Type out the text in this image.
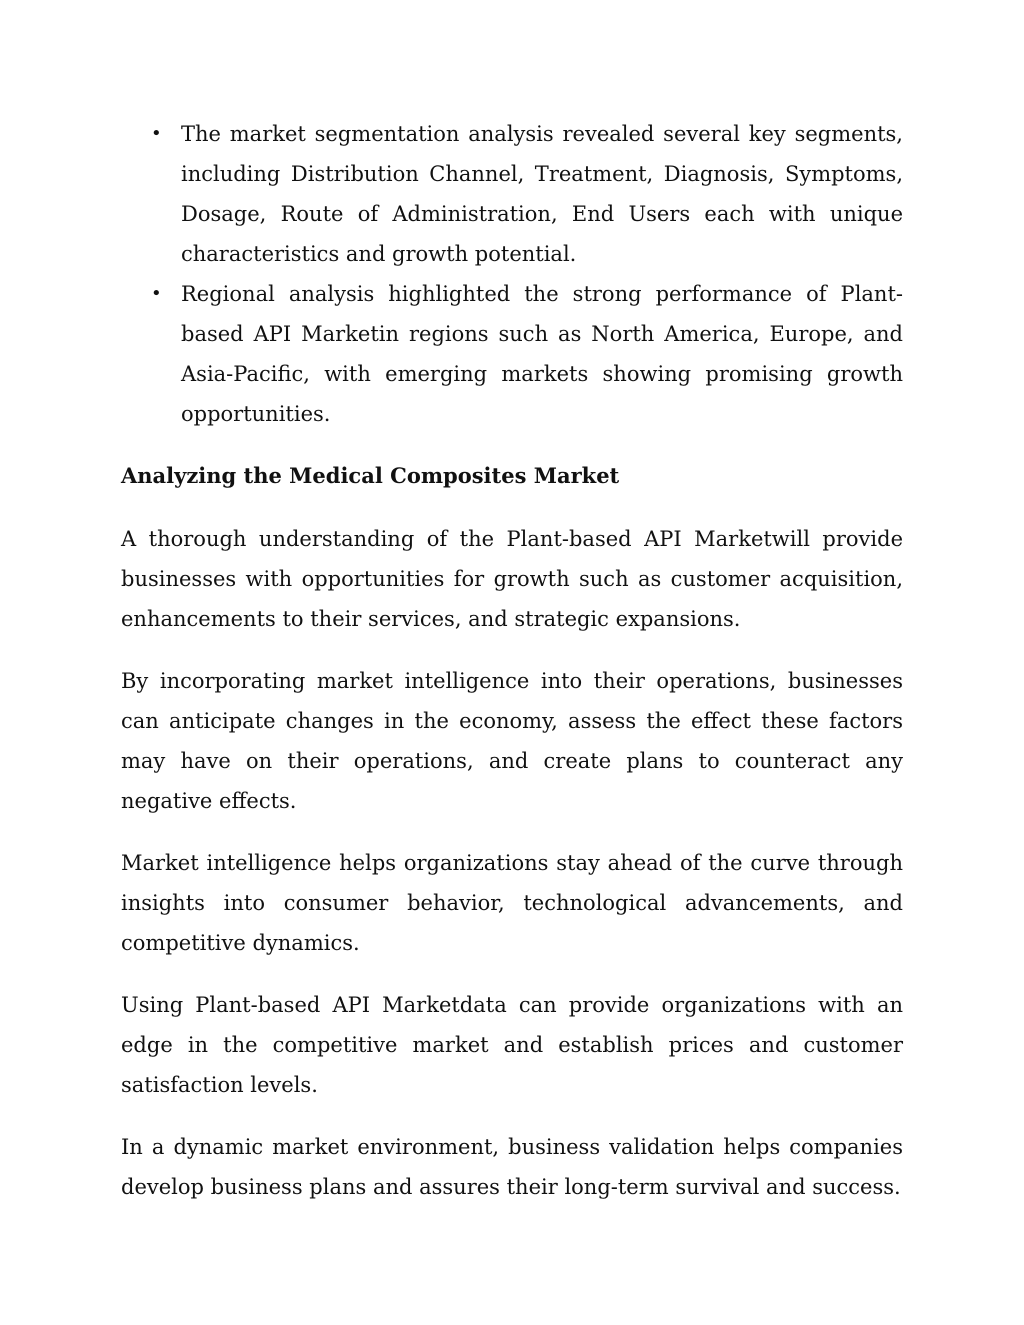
• The market segmentation analysis revealed several key segments, including Distribution Channel, Treatment, Diagnosis, Symptoms, Dosage, Route of Administration, End Users each with unique characteristics and growth potential.
• Regional analysis highlighted the strong performance of Plant-based API Marketin regions such as North America, Europe, and Asia-Pacific, with emerging markets showing promising growth opportunities.
Analyzing the Medical Composites Market

A thorough understanding of the Plant-based API Marketwill provide businesses with opportunities for growth such as customer acquisition, enhancements to their services, and strategic expansions.

By incorporating market intelligence into their operations, businesses can anticipate changes in the economy, assess the effect these factors may have on their operations, and create plans to counteract any negative effects.

Market intelligence helps organizations stay ahead of the curve through insights into consumer behavior, technological advancements, and competitive dynamics.

Using Plant-based API Marketdata can provide organizations with an edge in the competitive market and establish prices and customer satisfaction levels.

In a dynamic market environment, business validation helps companies develop business plans and assures their long-term survival and success.
